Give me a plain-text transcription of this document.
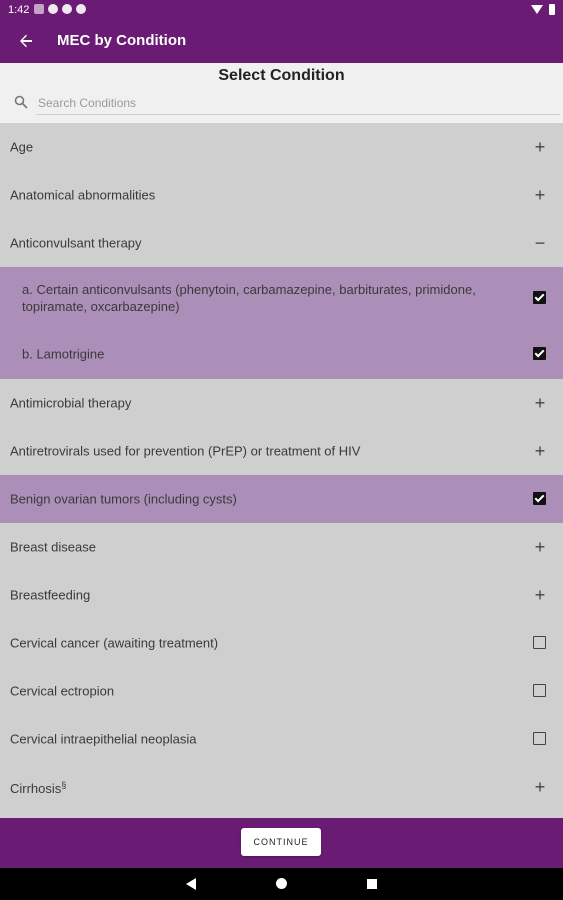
1:42
MEC by Condition
Select Condition
Search Conditions
Age	+
Anatomical abnormalities	+
Anticonvulsant therapy	−
a. Certain anticonvulsants (phenytoin, carbamazepine, barbiturates, primidone, topiramate, oxcarbazepine)
b. Lamotrigine
Antimicrobial therapy	+
Antiretrovirals used for prevention (PrEP) or treatment of HIV	+
Benign ovarian tumors (including cysts)
Breast disease	+
Breastfeeding	+
Cervical cancer (awaiting treatment)
Cervical ectropion
Cervical intraepithelial neoplasia
Cirrhosis§	+
CONTINUE
